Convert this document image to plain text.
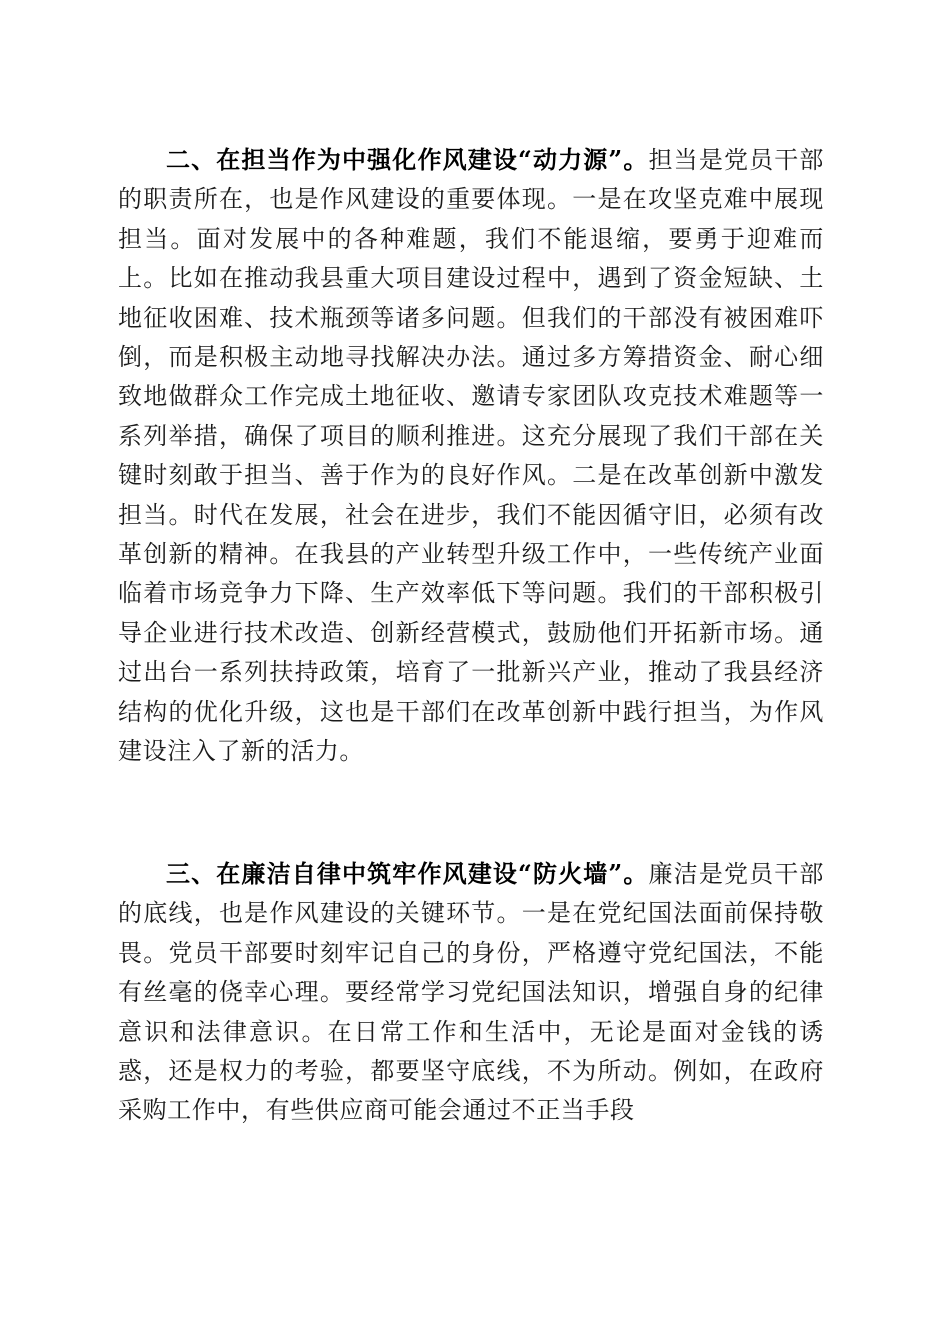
二、在担当作为中强化作风建设“动力源”。担当是党员干部的职责所在，也是作风建设的重要体现。一是在攻坚克难中展现担当。面对发展中的各种难题，我们不能退缩，要勇于迎难而上。比如在推动我县重大项目建设过程中，遇到了资金短缺、土地征收困难、技术瓶颈等诸多问题。但我们的干部没有被困难吓倒，而是积极主动地寻找解决办法。通过多方筹措资金、耐心细致地做群众工作完成土地征收、邀请专家团队攻克技术难题等一系列举措，确保了项目的顺利推进。这充分展现了我们干部在关键时刻敢于担当、善于作为的良好作风。二是在改革创新中激发担当。时代在发展，社会在进步，我们不能因循守旧，必须有改革创新的精神。在我县的产业转型升级工作中，一些传统产业面临着市场竞争力下降、生产效率低下等问题。我们的干部积极引导企业进行技术改造、创新经营模式，鼓励他们开拓新市场。通过出台一系列扶持政策，培育了一批新兴产业，推动了我县经济结构的优化升级，这也是干部们在改革创新中践行担当，为作风建设注入了新的活力。

三、在廉洁自律中筑牢作风建设“防火墙”。廉洁是党员干部的底线，也是作风建设的关键环节。一是在党纪国法面前保持敬畏。党员干部要时刻牢记自己的身份，严格遵守党纪国法，不能有丝毫的侥幸心理。要经常学习党纪国法知识，增强自身的纪律意识和法律意识。在日常工作和生活中，无论是面对金钱的诱惑，还是权力的考验，都要坚守底线，不为所动。例如，在政府采购工作中，有些供应商可能会通过不正当手段
